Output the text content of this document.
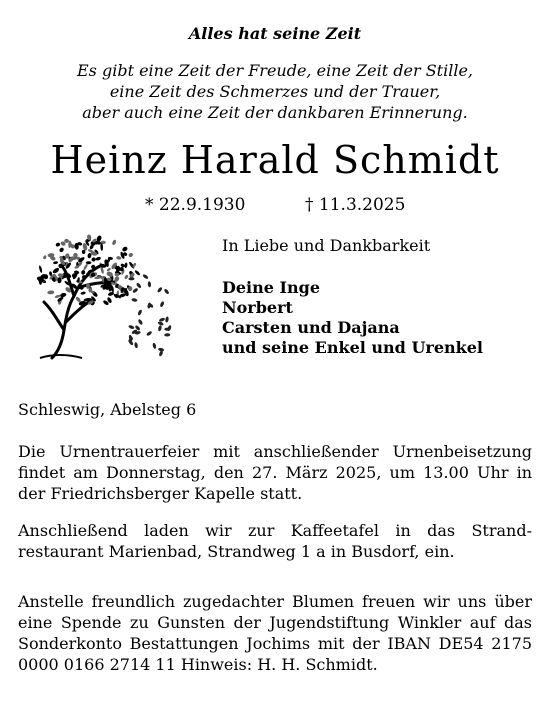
Alles hat seine Zeit
Es gibt eine Zeit der Freude, eine Zeit der Stille,
eine Zeit des Schmerzes und der Trauer,
aber auch eine Zeit der dankbaren Erinnerung.
Heinz Harald Schmidt
* 22.9.1930	† 11.3.2025
In Liebe und Dankbarkeit
Deine Inge
Norbert
Carsten und Dajana
und seine Enkel und Urenkel
Schleswig, Abelsteg 6
Die Urnentrauerfeier mit anschließender Urnenbeisetzung
findet am Donnerstag, den 27. März 2025, um 13.00 Uhr in
der Friedrichsberger Kapelle statt.
Anschließend laden wir zur Kaffeetafel in das Strand-
restaurant Marienbad, Strandweg 1 a in Busdorf, ein.
Anstelle freundlich zugedachter Blumen freuen wir uns über
eine Spende zu Gunsten der Jugendstiftung Winkler auf das
Sonderkonto Bestattungen Jochims mit der IBAN DE54 2175
0000 0166 2714 11 Hinweis: H. H. Schmidt.
